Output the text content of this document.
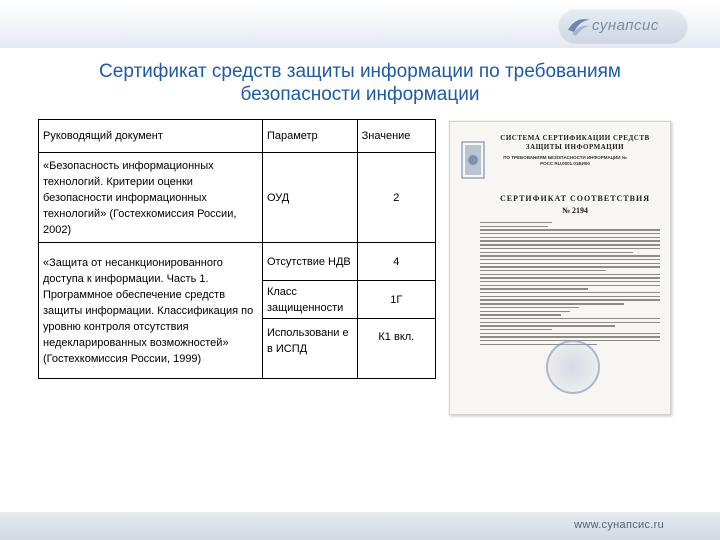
сунапсис
Сертификат средств защиты информации по требованиям
безопасности информации
Руководящий документ	Параметр	Значение
«Безопасность информационных технологий. Критерии оценки безопасности информационных технологий» (Гостехкомиссия России, 2002)	ОУД	2
«Защита от несанкционированного доступа к информации. Часть 1. Программное обеспечение средств защиты информации. Классификация по уровню контроля отсутствия недекларированных возможностей» (Гостехкомиссия России, 1999)	Отсутствие НДВ	4
	Класс защищенности	1Г
	Использовани е в ИСПД	К1 вкл.
СИСТЕМА СЕРТИФИКАЦИИ СРЕДСТВ ЗАЩИТЫ ИНФОРМАЦИИ
ПО ТРЕБОВАНИЯМ БЕЗОПАСНОСТИ ИНФОРМАЦИИ № РОСС RU.0001.01БИ00
СЕРТИФИКАТ СООТВЕТСТВИЯ
№ 2194
www.сунапсис.ru
